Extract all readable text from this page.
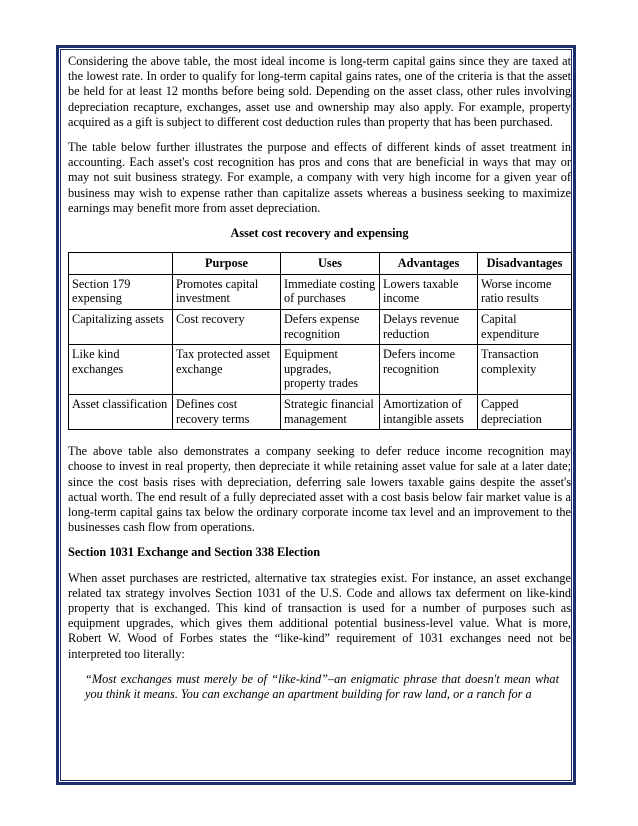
Considering the above table, the most ideal income is long-term capital gains since they are taxed at the lowest rate. In order to qualify for long-term capital gains rates, one of the criteria is that the asset be held for at least 12 months before being sold. Depending on the asset class, other rules involving depreciation recapture, exchanges, asset use and ownership may also apply. For example, property acquired as a gift is subject to different cost deduction rules than property that has been purchased.

The table below further illustrates the purpose and effects of different kinds of asset treatment in accounting. Each asset's cost recognition has pros and cons that are beneficial in ways that may or may not suit business strategy. For example, a company with very high income for a given year of business may wish to expense rather than capitalize assets whereas a business seeking to maximize earnings may benefit more from asset depreciation.

Asset cost recovery and expensing
	Purpose	Uses	Advantages	Disadvantages
Section 179 expensing	Promotes capital investment	Immediate costing of purchases	Lowers taxable income	Worse income ratio results
Capitalizing assets	Cost recovery	Defers expense recognition	Delays revenue reduction	Capital expenditure
Like kind exchanges	Tax protected asset exchange	Equipment upgrades, property trades	Defers income recognition	Transaction complexity
Asset classification	Defines cost recovery terms	Strategic financial management	Amortization of intangible assets	Capped depreciation

The above table also demonstrates a company seeking to defer reduce income recognition may choose to invest in real property, then depreciate it while retaining asset value for sale at a later date; since the cost basis rises with depreciation, deferring sale lowers taxable gains despite the asset's actual worth. The end result of a fully depreciated asset with a cost basis below fair market value is a long-term capital gains tax below the ordinary corporate income tax level and an improvement to the businesses cash flow from operations.

Section 1031 Exchange and Section 338 Election

When asset purchases are restricted, alternative tax strategies exist. For instance, an asset exchange related tax strategy involves Section 1031 of the U.S. Code and allows tax deferment on like-kind property that is exchanged. This kind of transaction is used for a number of purposes such as equipment upgrades, which gives them additional potential business-level value. What is more, Robert W. Wood of Forbes states the “like-kind” requirement of 1031 exchanges need not be interpreted too literally:

“Most exchanges must merely be of “like-kind”–an enigmatic phrase that doesn't mean what you think it means. You can exchange an apartment building for raw land, or a ranch for a
